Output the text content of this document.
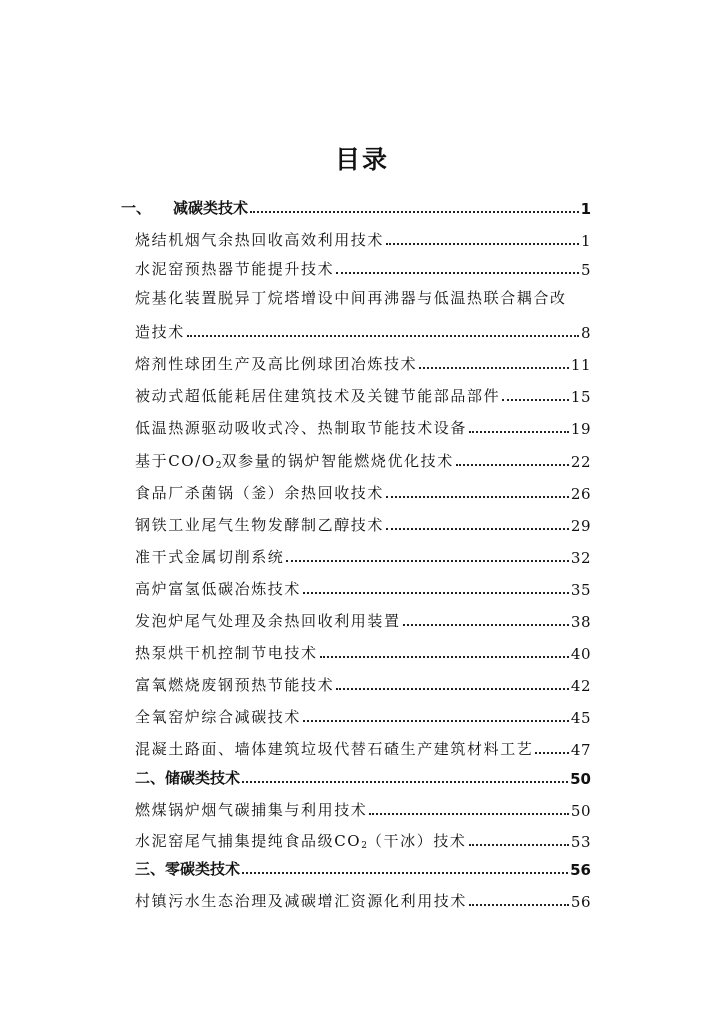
目录
一、 减碳类技术	1
烧结机烟气余热回收高效利用技术	1
水泥窑预热器节能提升技术	5
烷基化装置脱异丁烷塔增设中间再沸器与低温热联合耦合改
造技术	8
熔剂性球团生产及高比例球团冶炼技术	11
被动式超低能耗居住建筑技术及关键节能部品部件	15
低温热源驱动吸收式冷、热制取节能技术设备	19
基于$CO/O_2$双参量的锅炉智能燃烧优化技术	22
食品厂杀菌锅（釜）余热回收技术	26
钢铁工业尾气生物发酵制乙醇技术	29
准干式金属切削系统	32
高炉富氢低碳冶炼技术	35
发泡炉尾气处理及余热回收利用装置	38
热泵烘干机控制节电技术	40
富氧燃烧废钢预热节能技术	42
全氧窑炉综合减碳技术	45
混凝土路面、墙体建筑垃圾代替石碴生产建筑材料工艺	47
二、储碳类技术	50
燃煤锅炉烟气碳捕集与利用技术	50
水泥窑尾气捕集提纯食品级$CO_2$（干冰）技术	53
三、零碳类技术	56
村镇污水生态治理及减碳增汇资源化利用技术	56
